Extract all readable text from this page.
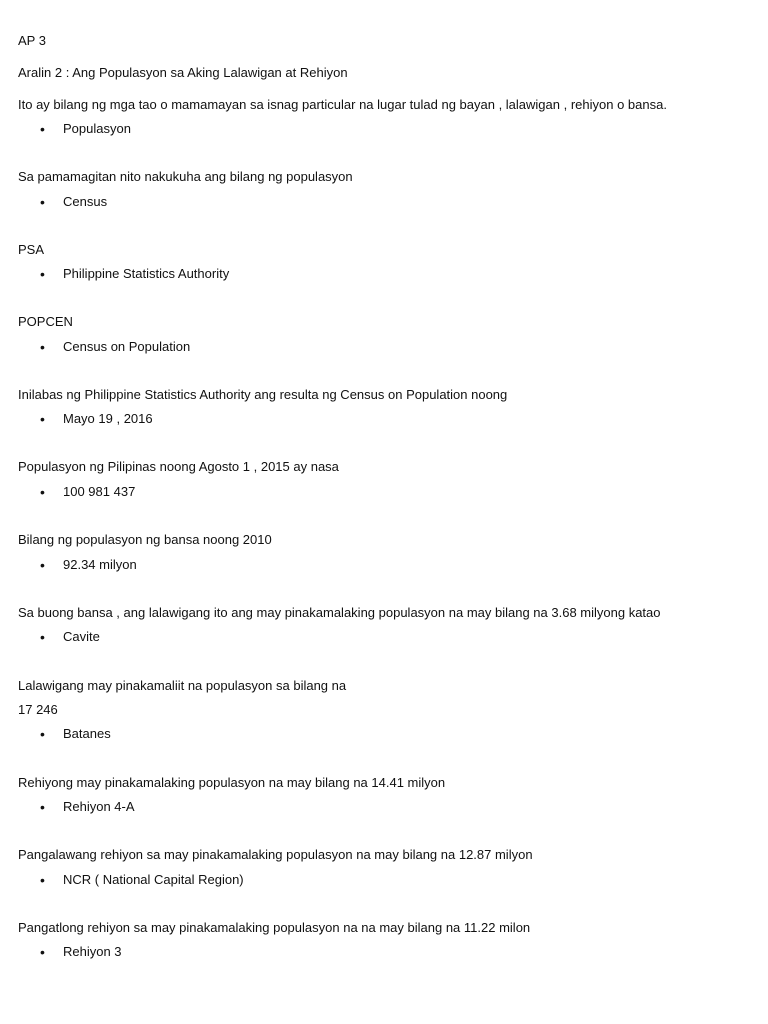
AP 3
Aralin 2 : Ang Populasyon sa Aking Lalawigan at Rehiyon
Ito ay bilang ng mga tao o mamamayan sa isnag particular na lugar tulad ng bayan , lalawigan , rehiyon o bansa.
• Populasyon
Sa pamamagitan nito nakukuha ang bilang ng populasyon
• Census
PSA
• Philippine Statistics Authority
POPCEN
• Census on Population
Inilabas ng Philippine Statistics Authority ang resulta ng Census on Population noong
• Mayo 19 , 2016
Populasyon ng Pilipinas noong Agosto 1 , 2015 ay nasa
• 100 981 437
Bilang ng populasyon ng bansa noong 2010
• 92.34 milyon
Sa buong bansa , ang lalawigang ito ang may pinakamalaking populasyon na may bilang na 3.68 milyong katao
• Cavite
Lalawigang may pinakamaliit na populasyon sa bilang na
17 246
• Batanes
Rehiyong may pinakamalaking populasyon na may bilang na 14.41 milyon
• Rehiyon 4-A
Pangalawang rehiyon sa may pinakamalaking populasyon na may bilang na 12.87 milyon
• NCR ( National Capital Region)
Pangatlong rehiyon sa may pinakamalaking populasyon na na may bilang na 11.22 milon
• Rehiyon 3
